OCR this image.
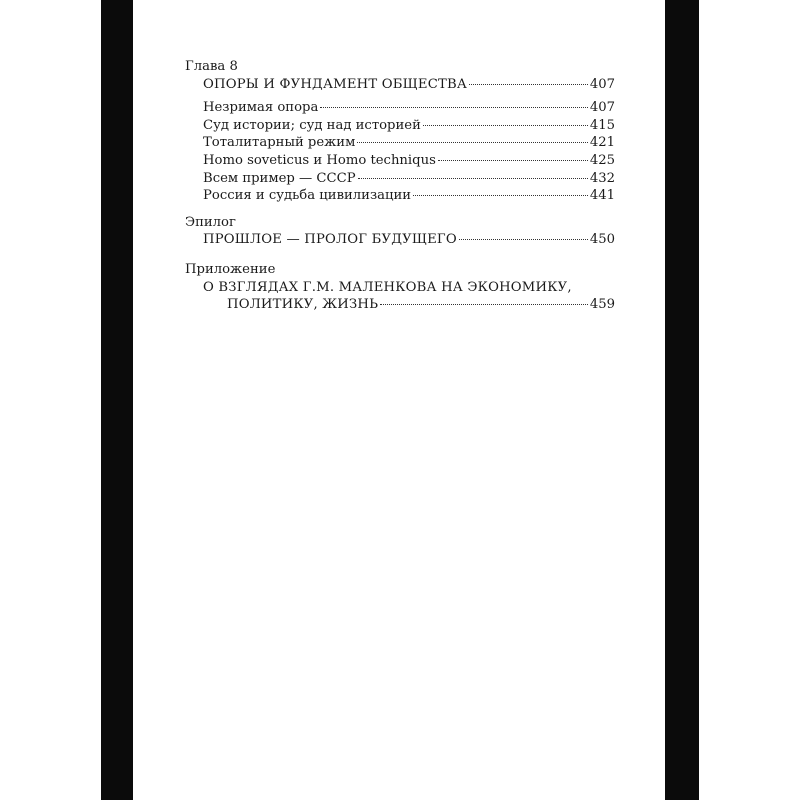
Глава 8
ОПОРЫ И ФУНДАМЕНТ ОБЩЕСТВА	407
Незримая опора	407
Суд истории; суд над историей	415
Тоталитарный режим	421
Homo soveticus и Homo techniqus	425
Всем пример — СССР	432
Россия и судьба цивилизации	441
Эпилог
ПРОШЛОЕ — ПРОЛОГ БУДУЩЕГО	450
Приложение
О ВЗГЛЯДАХ Г.М. МАЛЕНКОВА НА ЭКОНОМИКУ,
ПОЛИТИКУ, ЖИЗНЬ	459
